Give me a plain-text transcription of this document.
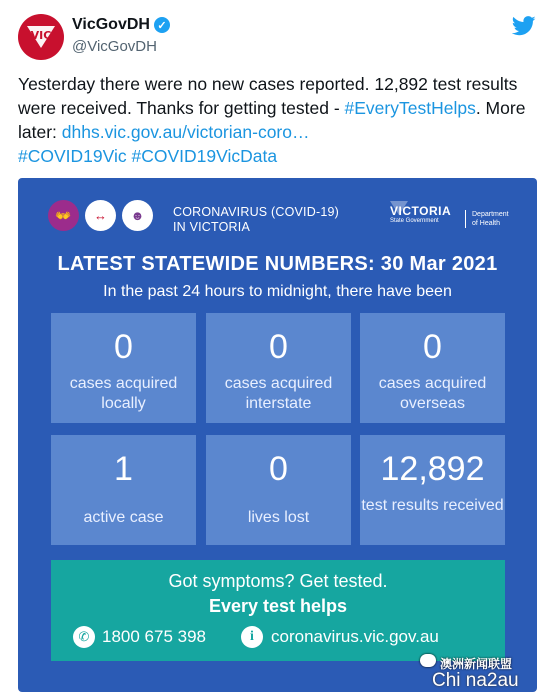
VIC
VicGovDH ✓
@VicGovDH
Yesterday there were no new cases reported. 12,892 test results were received. Thanks for getting tested - #EveryTestHelps. More later: dhhs.vic.gov.au/victorian-coro…
#COVID19Vic #COVID19VicData
👐	↔	☻	CORONAVIRUS (COVID-19)
IN VICTORIA
VICTORIA
State Government
Department
of Health
LATEST STATEWIDE NUMBERS: 30 Mar 2021
In the past 24 hours to midnight, there have been
0
cases acquired locally
0
cases acquired interstate
0
cases acquired overseas
1
active case
0
lives lost
12,892
test results received
Got symptoms? Get tested.
Every test helps
✆ 1800 675 398	i	coronavirus.vic.gov.au
澳洲新闻联盟
Chi na2au
